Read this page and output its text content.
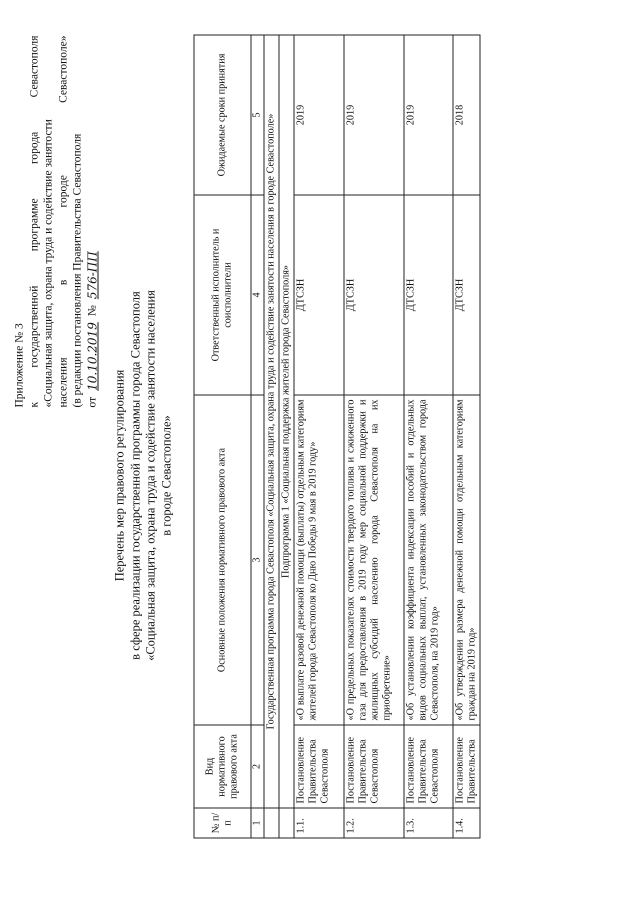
Приложение № 3 к
государственной
программе
города
Севастополя
«Социальная защита, охрана труда и содействие занятости населения
в
городе
Севастополе»
(в редакции постановления Правительства Севастополя от
10.10.2019
№
576-ПП
Перечень мер правового регулирования в сфере реализации государственной программы города Севастополя «Социальная защита, охрана труда и содействие занятости населения в городе Севастополе»
№ п/п	Вид нормативного правового акта	Основные положения нормативного правового акта	Ответственный исполнитель и соисполнители	Ожидаемые сроки принятия
1	2	3	4	5
	Государственная программа города Севастополя «Социальная защита, охрана труда и содействие занятости населения в городе Севастополе»			
	Подпрограмма 1 «Социальная поддержка жителей города Севастополя»			
1.1.	Постановление Правительства Севастополя	«О выплате разовой денежной помощи (выплаты) отдельным категориям жителей города Севастополя ко Дню Победы 9 мая в 2019 году»	ДТСЗН	2019
1.2.	Постановление Правительства Севастополя	«О предельных показателях стоимости твердого топлива и сжиженного газа для предоставления в 2019 году мер социальной поддержки и жилищных субсидий населению города Севастополя на их приобретение»	ДТСЗН	2019
1.3.	Постановление Правительства Севастополя	«Об установлении коэффициента индексации пособий и отдельных видов социальных выплат, установленных законодательством города Севастополя, на 2019 год»	ДТСЗН	2019
1.4.	Постановление Правительства	«Об утверждении размера денежной помощи отдельным категориям граждан на 2019 год»	ДТСЗН	2018
